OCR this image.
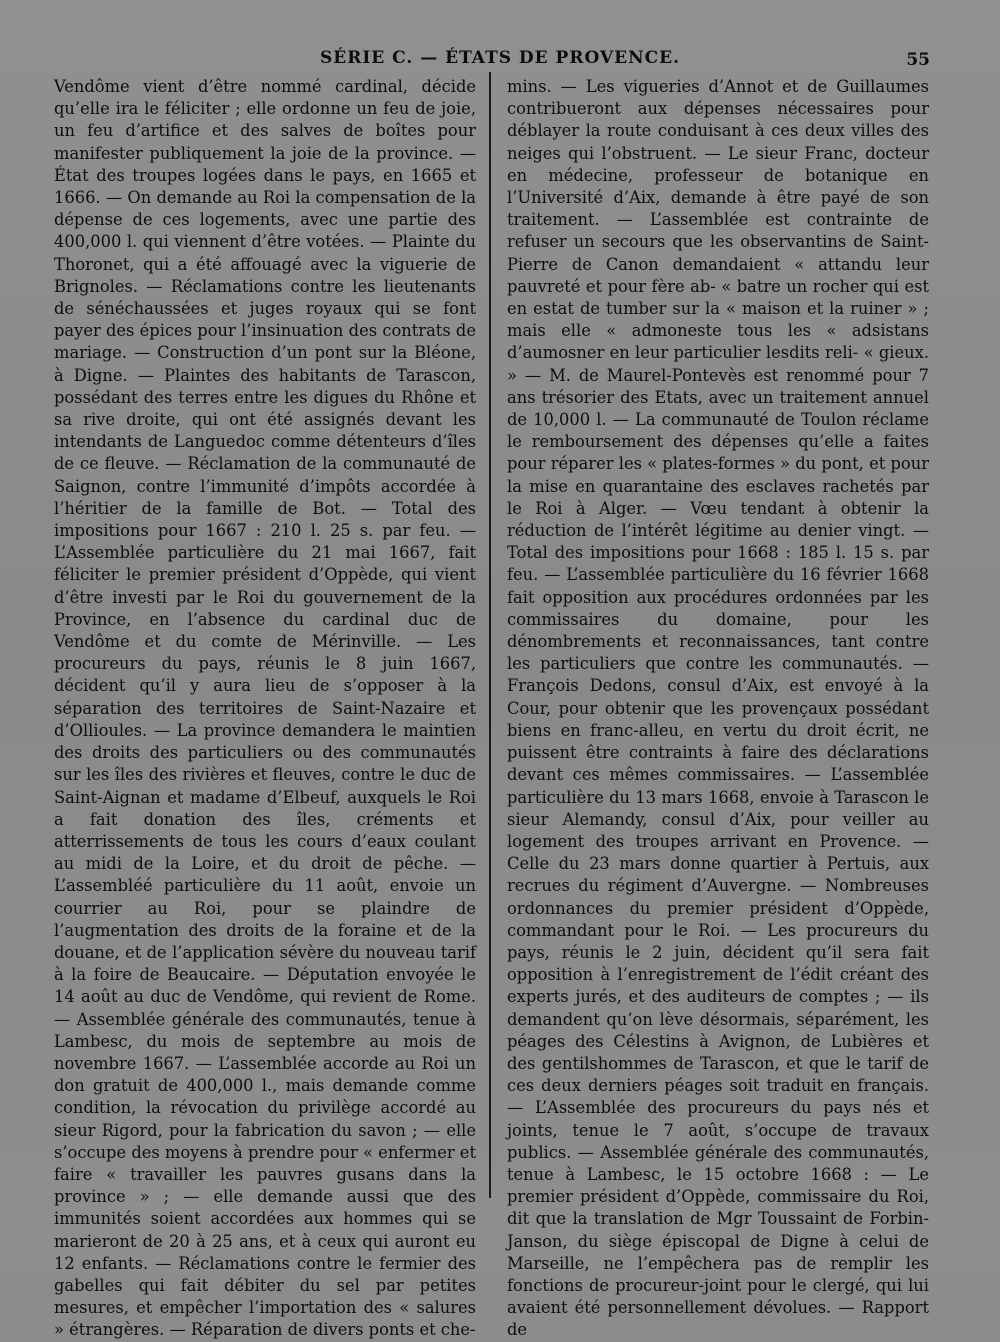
SÉRIE C. — ÉTATS DE PROVENCE.	55

Vendôme vient d’être nommé cardinal, décide qu’elle ira le féliciter ; elle ordonne un feu de joie, un feu d’artifice et des salves de boîtes pour manifester publiquement la joie de la province. — État des troupes logées dans le pays, en 1665 et 1666. — On demande au Roi la compensation de la dépense de ces logements, avec une partie des 400,000 l. qui viennent d’être votées. — Plainte du Thoronet, qui a été affouagé avec la viguerie de Brignoles. — Réclamations contre les lieutenants de sénéchaussées et juges royaux qui se font payer des épices pour l’insinuation des contrats de mariage. — Construction d’un pont sur la Bléone, à Digne. — Plaintes des habitants de Tarascon, possédant des terres entre les digues du Rhône et sa rive droite, qui ont été assignés devant les intendants de Languedoc comme détenteurs d’îles de ce fleuve. — Réclamation de la communauté de Saignon, contre l’immunité d’impôts accordée à l’héritier de la famille de Bot. — Total des impositions pour 1667 : 210 l. 25 s. par feu. — L’Assemblée particulière du 21 mai 1667, fait féliciter le premier président d’Oppède, qui vient d’être investi par le Roi du gouvernement de la Province, en l’absence du cardinal duc de Vendôme et du comte de Mérinville. — Les procureurs du pays, réunis le 8 juin 1667, décident qu’il y aura lieu de s’opposer à la séparation des territoires de Saint-Nazaire et d’Ollioules. — La province demandera le maintien des droits des particuliers ou des communautés sur les îles des rivières et fleuves, contre le duc de Saint-Aignan et madame d’Elbeuf, auxquels le Roi a fait donation des îles, créments et atterrissements de tous les cours d’eaux coulant au midi de la Loire, et du droit de pêche. — L’assembléé particulière du 11 août, envoie un courrier au Roi, pour se plaindre de l’augmentation des droits de la foraine et de la douane, et de l’application sévère du nouveau tarif à la foire de Beaucaire. — Députation envoyée le 14 août au duc de Vendôme, qui revient de Rome. — Assemblée générale des communautés, tenue à Lambesc, du mois de septembre au mois de novembre 1667. — L’assemblée accorde au Roi un don gratuit de 400,000 l., mais demande comme condition, la révocation du privilège accordé au sieur Rigord, pour la fabrication du savon ; — elle s’occupe des moyens à prendre pour « enfermer et faire « travailler les pauvres gusans dans la province » ; — elle demande aussi que des immunités soient accordées aux hommes qui se marieront de 20 à 25 ans, et à ceux qui auront eu 12 enfants. — Réclamations contre le fermier des gabelles qui fait débiter du sel par petites mesures, et empêcher l’importation des « salures » étrangères. — Réparation de divers ponts et che-

mins. — Les vigueries d’Annot et de Guillaumes contribueront aux dépenses nécessaires pour déblayer la route conduisant à ces deux villes des neiges qui l’obstruent. — Le sieur Franc, docteur en médecine, professeur de botanique en l’Université d’Aix, demande à être payé de son traitement. — L’assemblée est contrainte de refuser un secours que les observantins de Saint-Pierre de Canon demandaient « attandu leur pauvreté et pour fère ab- « batre un rocher qui est en estat de tumber sur la « maison et la ruiner » ; mais elle « admoneste tous les « adsistans d’aumosner en leur particulier lesdits reli- « gieux. » — M. de Maurel-Pontevès est renommé pour 7 ans trésorier des Etats, avec un traitement annuel de 10,000 l. — La communauté de Toulon réclame le remboursement des dépenses qu’elle a faites pour réparer les « plates-formes » du pont, et pour la mise en quarantaine des esclaves rachetés par le Roi à Alger. — Vœu tendant à obtenir la réduction de l’intérêt légitime au denier vingt. — Total des impositions pour 1668 : 185 l. 15 s. par feu. — L’assemblée particulière du 16 février 1668 fait opposition aux procédures ordonnées par les commissaires du domaine, pour les dénombrements et reconnaissances, tant contre les particuliers que contre les communautés. — François Dedons, consul d’Aix, est envoyé à la Cour, pour obtenir que les provençaux possédant biens en franc-alleu, en vertu du droit écrit, ne puissent être contraints à faire des déclarations devant ces mêmes commissaires. — L’assemblée particulière du 13 mars 1668, envoie à Tarascon le sieur Alemandy, consul d’Aix, pour veiller au logement des troupes arrivant en Provence. — Celle du 23 mars donne quartier à Pertuis, aux recrues du régiment d’Auvergne. — Nombreuses ordonnances du premier président d’Oppède, commandant pour le Roi. — Les procureurs du pays, réunis le 2 juin, décident qu’il sera fait opposition à l’enregistrement de l’édit créant des experts jurés, et des auditeurs de comptes ; — ils demandent qu’on lève désormais, séparément, les péages des Célestins à Avignon, de Lubières et des gentilshommes de Tarascon, et que le tarif de ces deux derniers péages soit traduit en français. — L’Assemblée des procureurs du pays nés et joints, tenue le 7 août, s’occupe de travaux publics. — Assemblée générale des communautés, tenue à Lambesc, le 15 octobre 1668 : — Le premier président d’Oppède, commissaire du Roi, dit que la translation de Mgr Toussaint de Forbin-Janson, du siège épiscopal de Digne à celui de Marseille, ne l’empêchera pas de remplir les fonctions de procureur-joint pour le clergé, qui lui avaient été personnellement dévolues. — Rapport de
